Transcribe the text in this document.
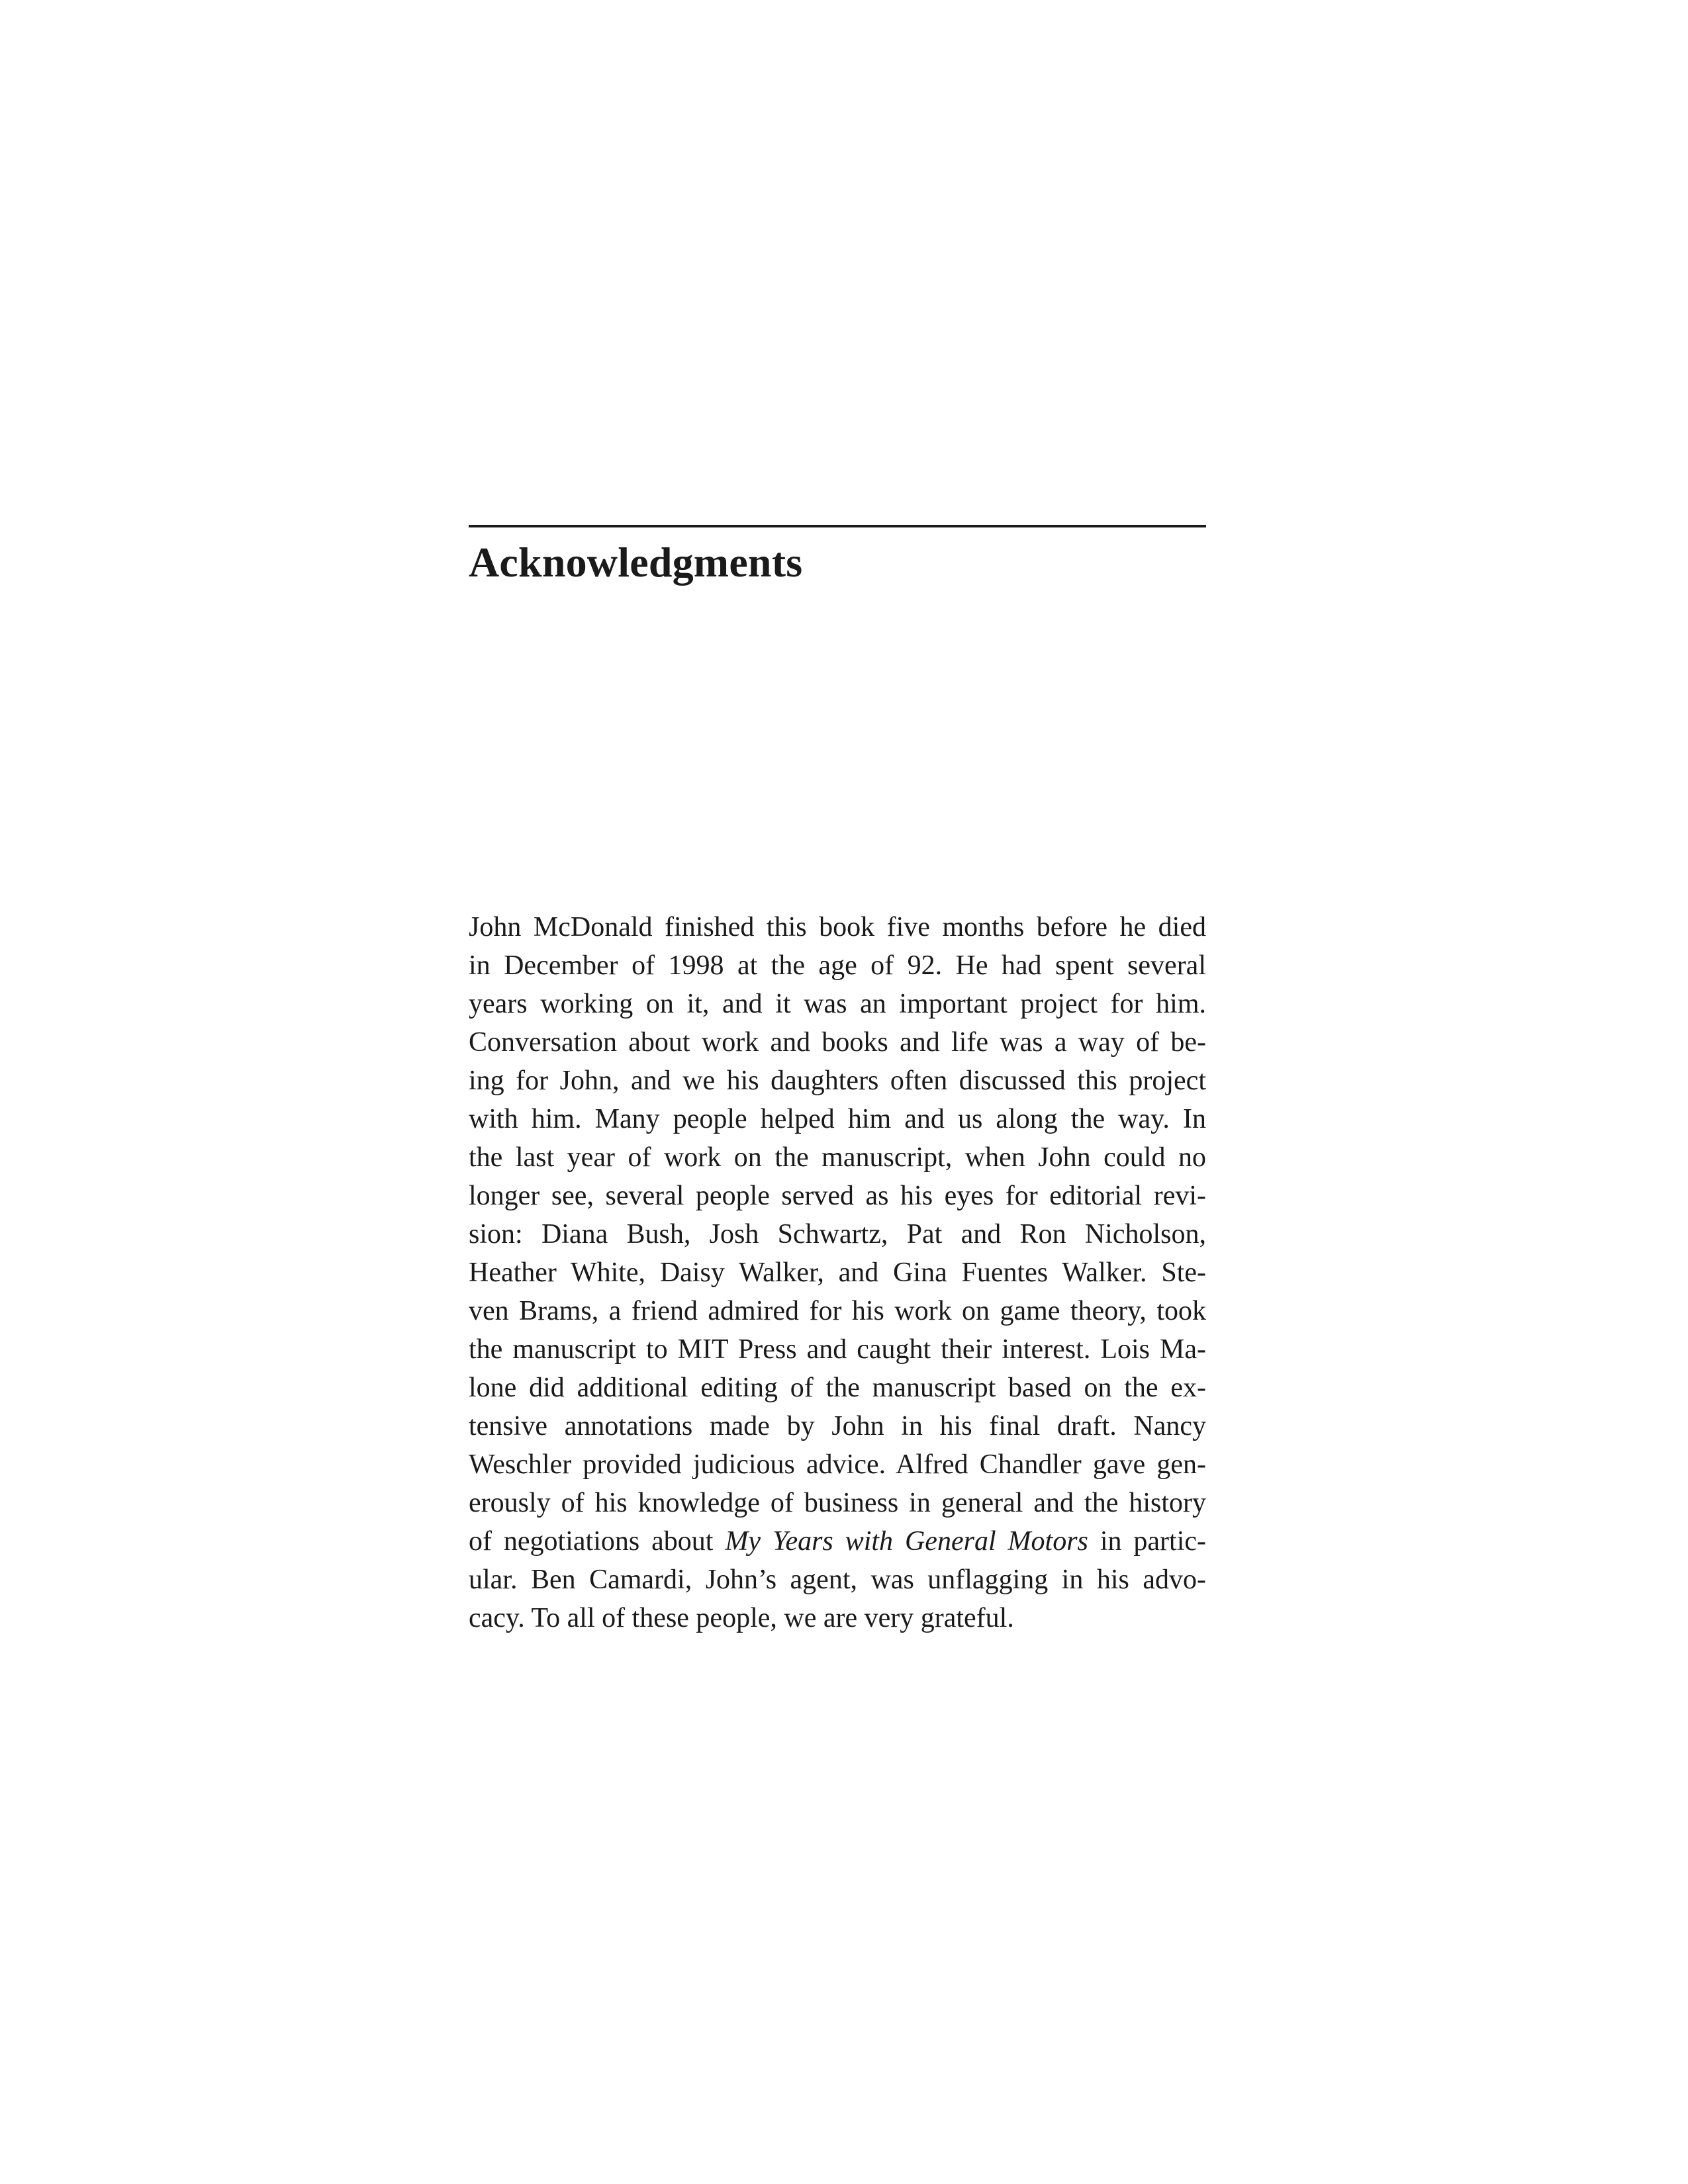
Acknowledgments
John McDonald finished this book five months before he died
in December of 1998 at the age of 92. He had spent several
years working on it, and it was an important project for him.
Conversation about work and books and life was a way of be-
ing for John, and we his daughters often discussed this project
with him. Many people helped him and us along the way. In
the last year of work on the manuscript, when John could no
longer see, several people served as his eyes for editorial revi-
sion: Diana Bush, Josh Schwartz, Pat and Ron Nicholson,
Heather White, Daisy Walker, and Gina Fuentes Walker. Ste-
ven Brams, a friend admired for his work on game theory, took
the manuscript to MIT Press and caught their interest. Lois Ma-
lone did additional editing of the manuscript based on the ex-
tensive annotations made by John in his final draft. Nancy
Weschler provided judicious advice. Alfred Chandler gave gen-
erously of his knowledge of business in general and the history
of negotiations about My Years with General Motors in partic-
ular. Ben Camardi, John’s agent, was unflagging in his advo-
cacy. To all of these people, we are very grateful.
